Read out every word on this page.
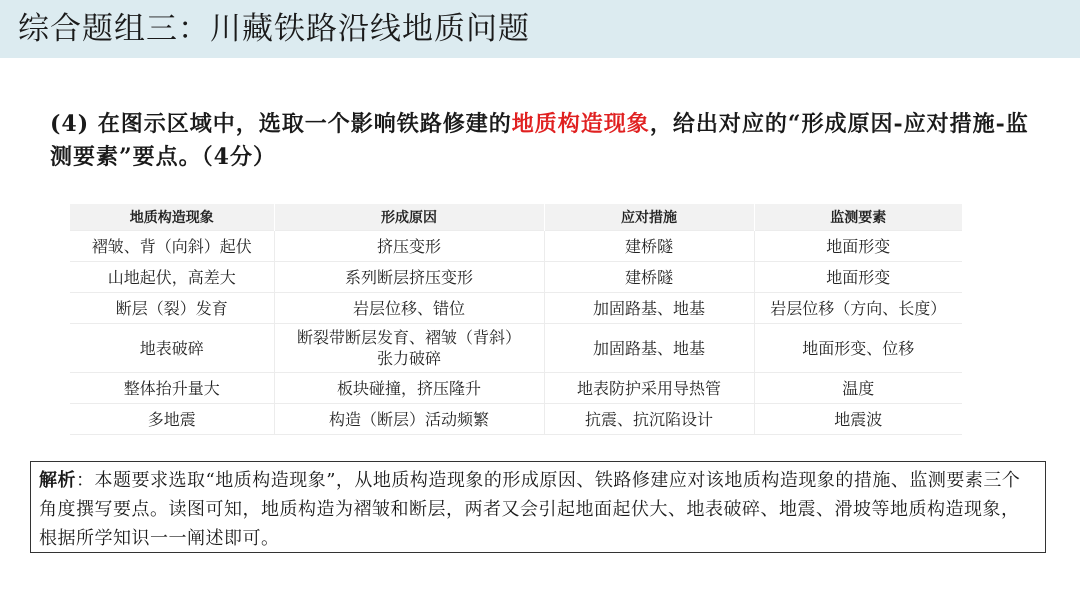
综合题组三：川藏铁路沿线地质问题
(4) 在图示区域中，选取一个影响铁路修建的地质构造现象，给出对应的“形成原因-应对措施-监测要素”要点。（4分）
地质构造现象	形成原因	应对措施	监测要素
褶皱、背（向斜）起伏	挤压变形	建桥隧	地面形变
山地起伏，高差大	系列断层挤压变形	建桥隧	地面形变
断层（裂）发育	岩层位移、错位	加固路基、地基	岩层位移（方向、长度）
地表破碎	断裂带断层发育、褶皱（背斜）张力破碎	加固路基、地基	地面形变、位移
整体抬升量大	板块碰撞，挤压隆升	地表防护采用导热管	温度
多地震	构造（断层）活动频繁	抗震、抗沉陷设计	地震波
解析：本题要求选取“地质构造现象”，从地质构造现象的形成原因、铁路修建应对该地质构造现象的措施、监测要素三个角度撰写要点。读图可知，地质构造为褶皱和断层，两者又会引起地面起伏大、地表破碎、地震、滑坡等地质构造现象，根据所学知识一一阐述即可。
